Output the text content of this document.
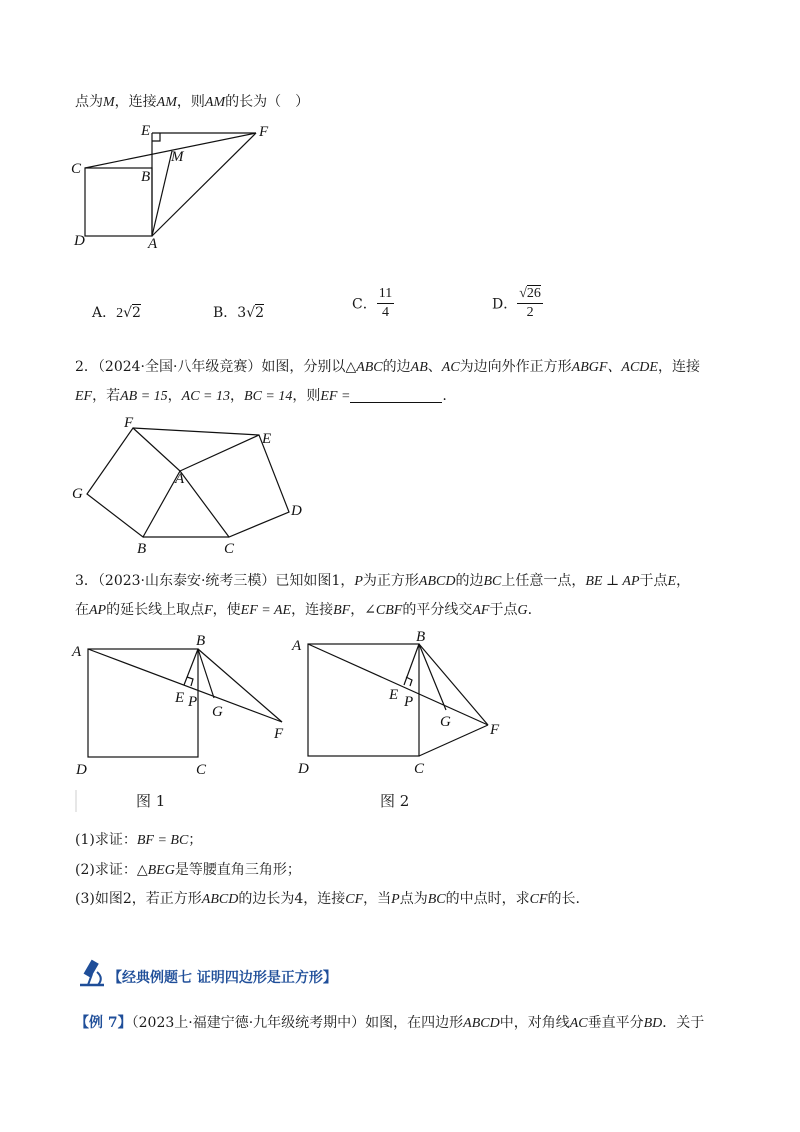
点为M，连接AM，则AM的长为（　）
E	F
M
C	B
D	A
F
E
A
G
D
B	C
A
B
E P
G
F
D	C
A
B
E P
G	F
D	C
A．2√2	B．3√2
C． $\frac{11}{4}$	D． $\frac{√26}{2}$
2．（2024·全国·八年级竞赛）如图，分别以△ABC的边AB、AC为边向外作正方形ABGF、ACDE，连接
EF，若AB = 15，AC = 13，BC = 14，则EF =	.
3．（2023·山东泰安·统考三模）已知如图1，P为正方形ABCD的边BC上任意一点，BE ⊥ AP于点E，
在AP的延长线上取点F，使EF = AE，连接BF，∠CBF的平分线交AF于点G.
图 1	图 2
(1)求证：BF = BC；
(2)求证：△BEG是等腰直角三角形；
(3)如图2，若正方形ABCD的边长为4，连接CF，当P点为BC的中点时，求CF的长.
【经典例题七 证明四边形是正方形】
【例 7】（2023上·福建宁德·九年级统考期中）如图，在四边形ABCD中，对角线AC垂直平分BD．关于
